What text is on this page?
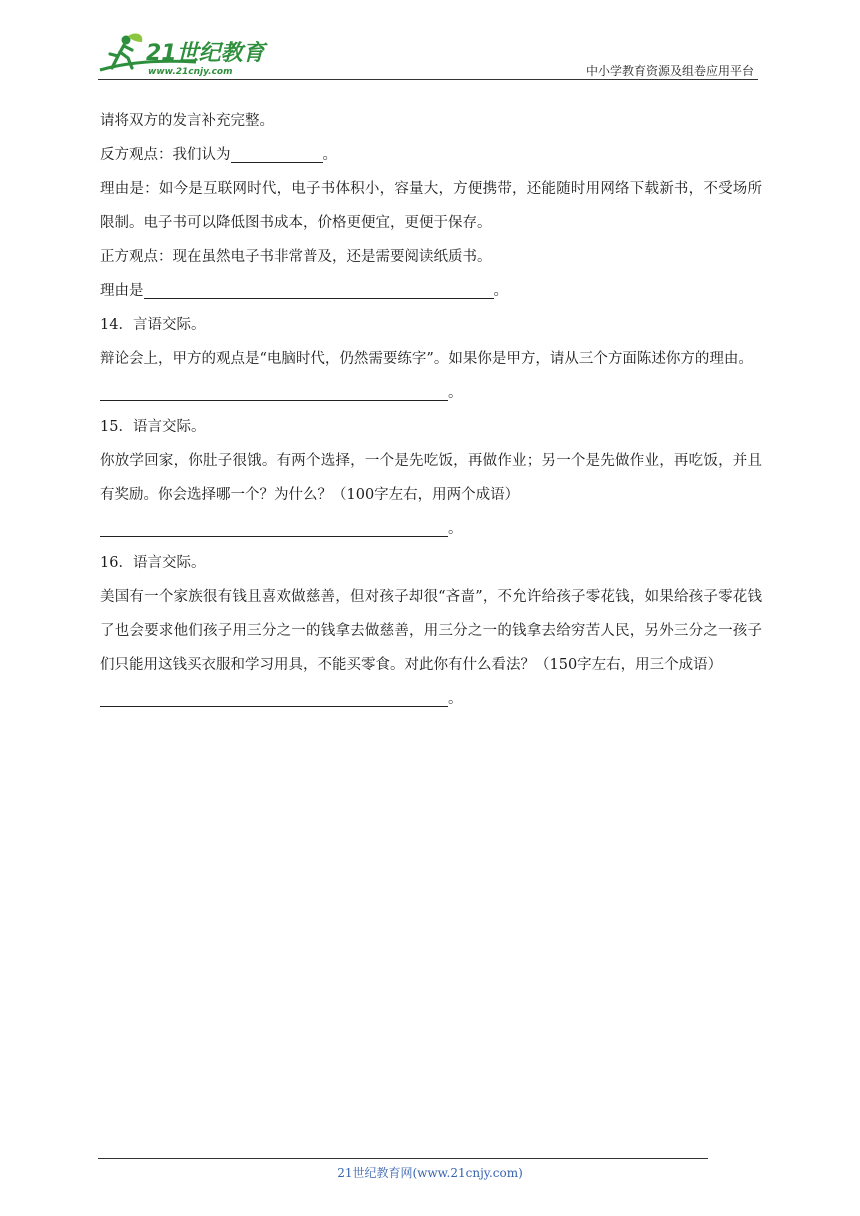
21世纪教育
www.21cnjy.com	中小学教育资源及组卷应用平台
请将双方的发言补充完整。
反方观点：我们认为	。
理由是：如今是互联网时代，电子书体积小，容量大，方便携带，还能随时用网络下载新书，不受场所限制。电子书可以降低图书成本，价格更便宜，更便于保存。
正方观点：现在虽然电子书非常普及，还是需要阅读纸质书。
理由是	。
14．言语交际。
辩论会上，甲方的观点是“电脑时代，仍然需要练字”。如果你是甲方，请从三个方面陈述你方的理由。
。
15．语言交际。
你放学回家，你肚子很饿。有两个选择，一个是先吃饭，再做作业；另一个是先做作业，再吃饭，并且有奖励。你会选择哪一个？为什么？（100字左右，用两个成语）
。
16．语言交际。
美国有一个家族很有钱且喜欢做慈善，但对孩子却很“吝啬”，不允许给孩子零花钱，如果给孩子零花钱了也会要求他们孩子用三分之一的钱拿去做慈善，用三分之一的钱拿去给穷苦人民，另外三分之一孩子们只能用这钱买衣服和学习用具，不能买零食。对此你有什么看法？（150字左右，用三个成语）
。
21世纪教育网(www.21cnjy.com)
